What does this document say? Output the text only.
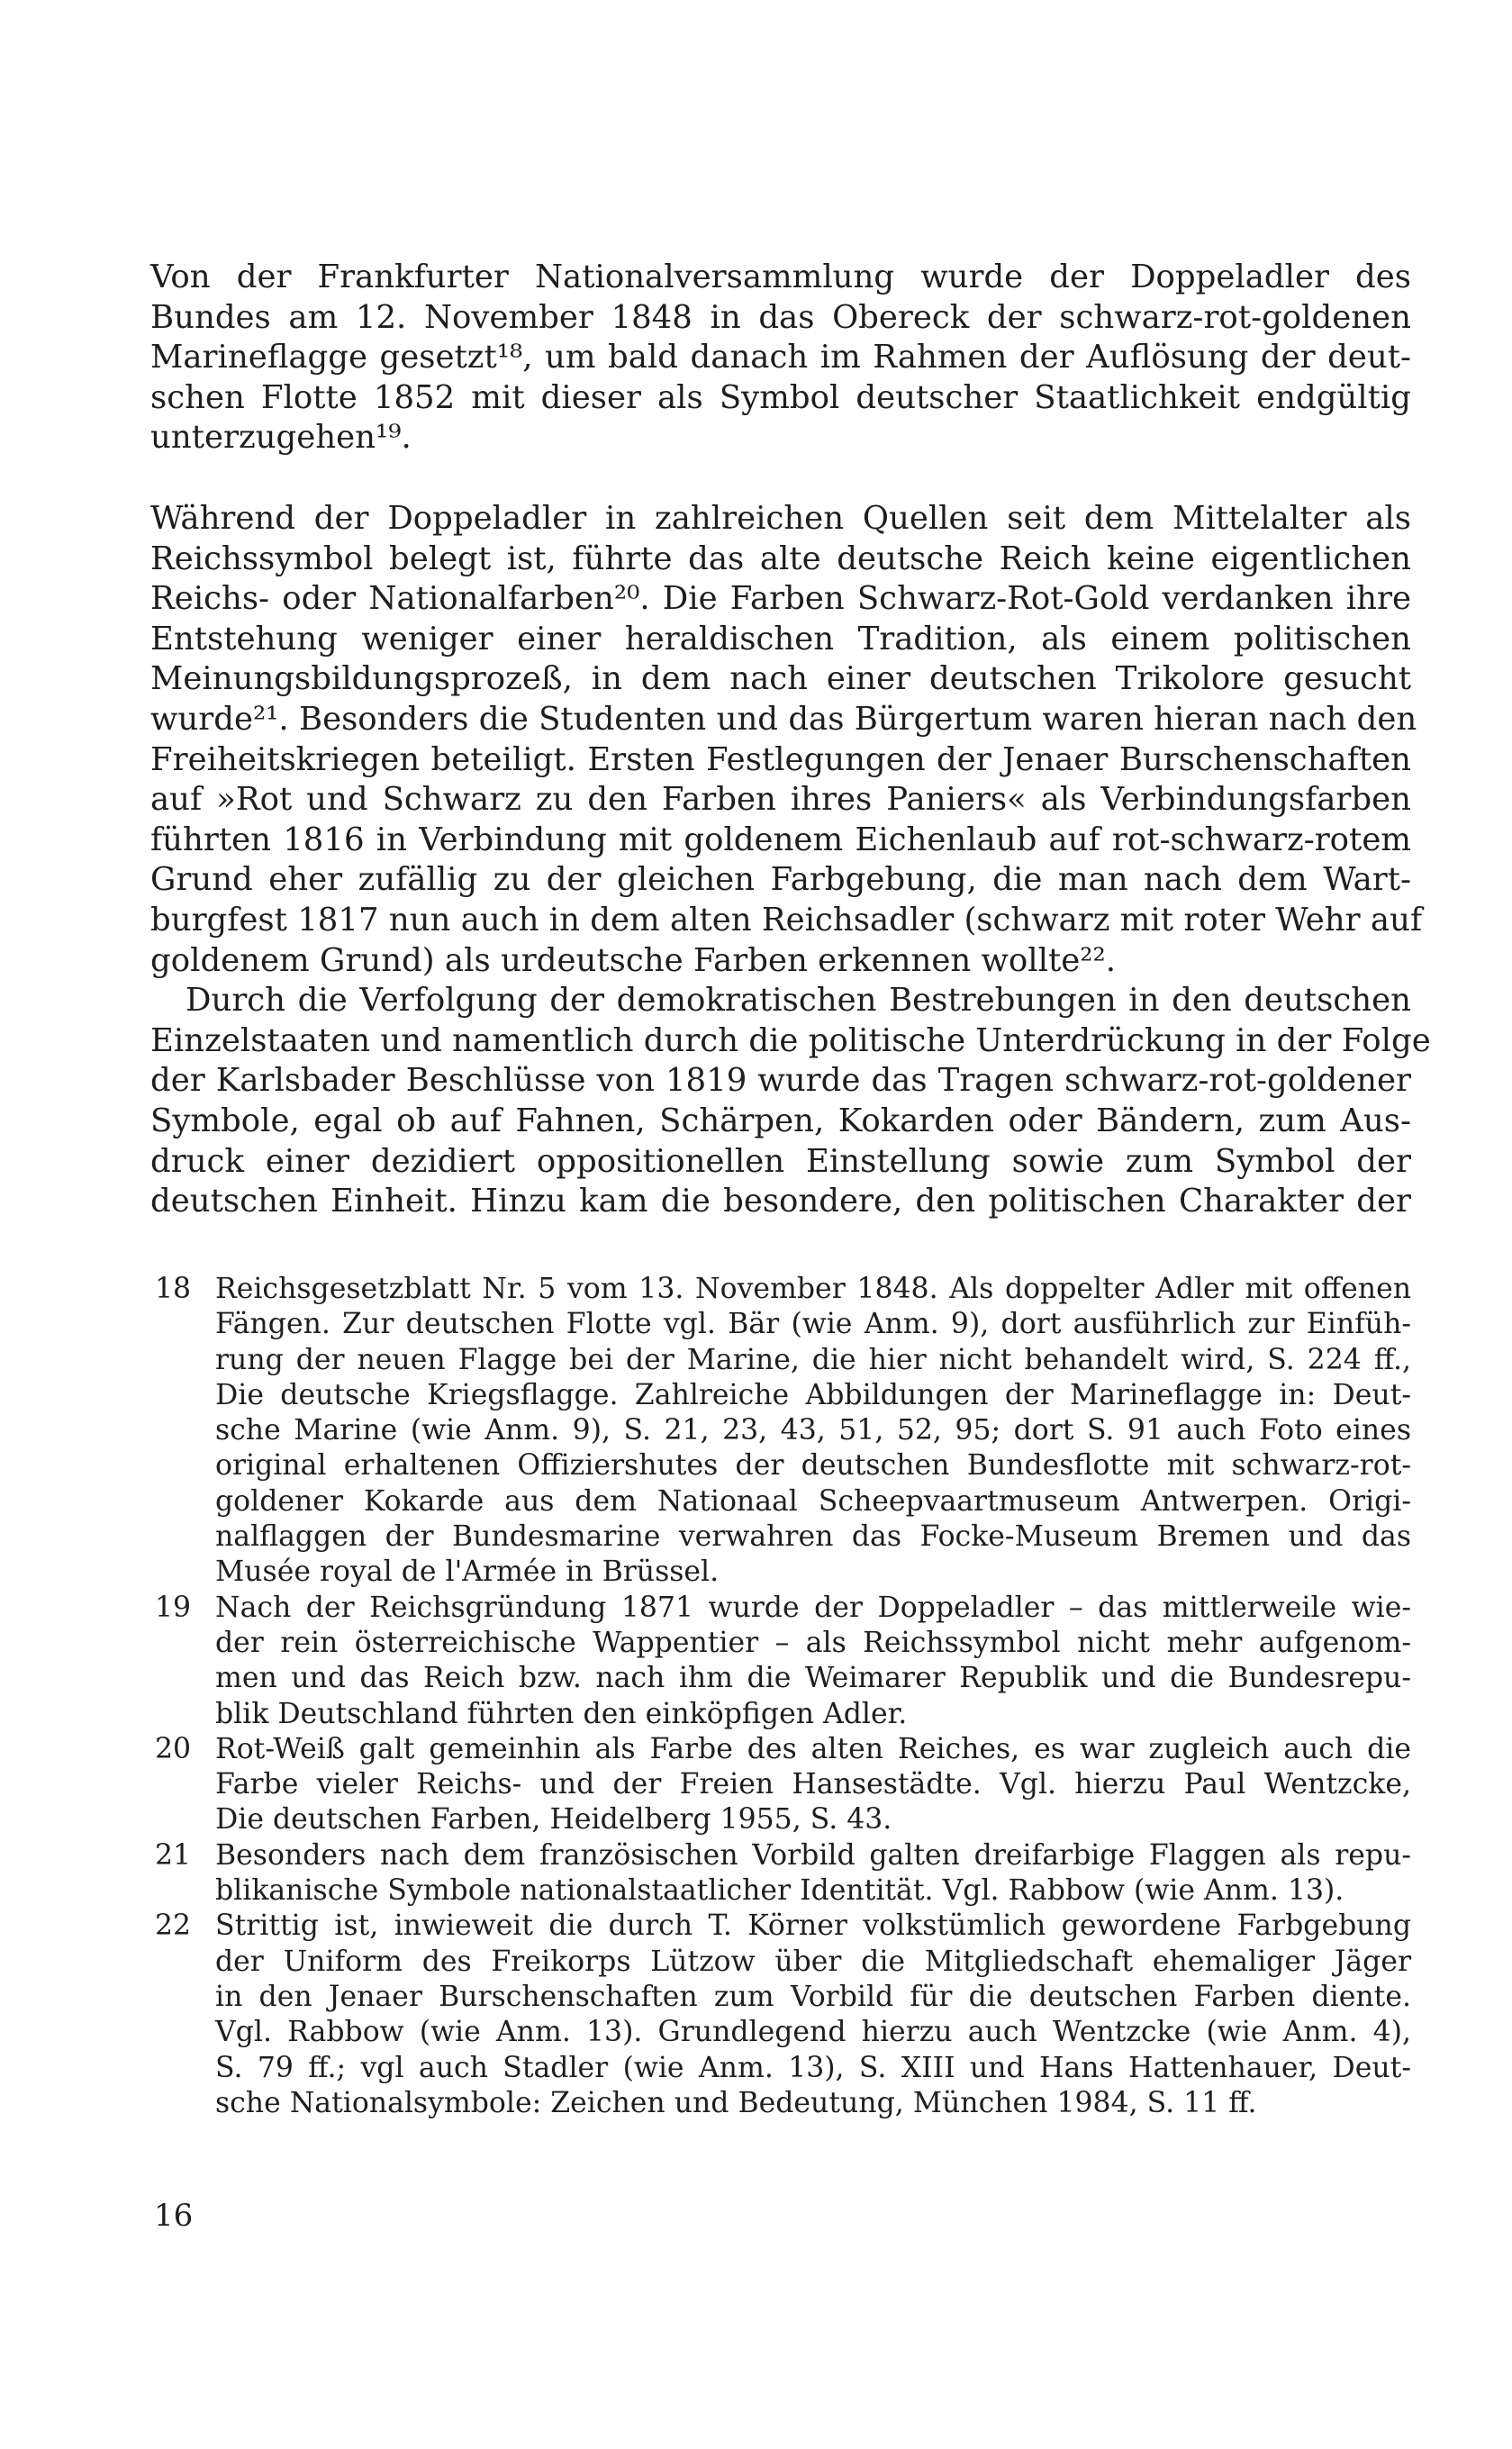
Von der Frankfurter Nationalversammlung wurde der Doppeladler des
Bundes am 12. November 1848 in das Obereck der schwarz-rot-goldenen
Marineflagge gesetzt¹⁸, um bald danach im Rahmen der Auflösung der deut-
schen Flotte 1852 mit dieser als Symbol deutscher Staatlichkeit endgültig
unterzugehen¹⁹.
Während der Doppeladler in zahlreichen Quellen seit dem Mittelalter als
Reichssymbol belegt ist, führte das alte deutsche Reich keine eigentlichen
Reichs- oder Nationalfarben²⁰. Die Farben Schwarz-Rot-Gold verdanken ihre
Entstehung weniger einer heraldischen Tradition, als einem politischen
Meinungsbildungsprozeß, in dem nach einer deutschen Trikolore gesucht
wurde²¹. Besonders die Studenten und das Bürgertum waren hieran nach den
Freiheitskriegen beteiligt. Ersten Festlegungen der Jenaer Burschenschaften
auf »Rot und Schwarz zu den Farben ihres Paniers« als Verbindungsfarben
führten 1816 in Verbindung mit goldenem Eichenlaub auf rot-schwarz-rotem
Grund eher zufällig zu der gleichen Farbgebung, die man nach dem Wart-
burgfest 1817 nun auch in dem alten Reichsadler (schwarz mit roter Wehr auf
goldenem Grund) als urdeutsche Farben erkennen wollte²².
Durch die Verfolgung der demokratischen Bestrebungen in den deutschen
Einzelstaaten und namentlich durch die politische Unterdrückung in der Folge
der Karlsbader Beschlüsse von 1819 wurde das Tragen schwarz-rot-goldener
Symbole, egal ob auf Fahnen, Schärpen, Kokarden oder Bändern, zum Aus-
druck einer dezidiert oppositionellen Einstellung sowie zum Symbol der
deutschen Einheit. Hinzu kam die besondere, den politischen Charakter der
18 Reichsgesetzblatt Nr. 5 vom 13. November 1848. Als doppelter Adler mit offenen
Fängen. Zur deutschen Flotte vgl. Bär (wie Anm. 9), dort ausführlich zur Einfüh-
rung der neuen Flagge bei der Marine, die hier nicht behandelt wird, S. 224 ff.,
Die deutsche Kriegsflagge. Zahlreiche Abbildungen der Marineflagge in: Deut-
sche Marine (wie Anm. 9), S. 21, 23, 43, 51, 52, 95; dort S. 91 auch Foto eines
original erhaltenen Offiziershutes der deutschen Bundesflotte mit schwarz-rot-
goldener Kokarde aus dem Nationaal Scheepvaartmuseum Antwerpen. Origi-
nalflaggen der Bundesmarine verwahren das Focke-Museum Bremen und das
Musée royal de l'Armée in Brüssel.
19 Nach der Reichsgründung 1871 wurde der Doppeladler – das mittlerweile wie-
der rein österreichische Wappentier – als Reichssymbol nicht mehr aufgenom-
men und das Reich bzw. nach ihm die Weimarer Republik und die Bundesrepu-
blik Deutschland führten den einköpfigen Adler.
20 Rot-Weiß galt gemeinhin als Farbe des alten Reiches, es war zugleich auch die
Farbe vieler Reichs- und der Freien Hansestädte. Vgl. hierzu Paul Wentzcke,
Die deutschen Farben, Heidelberg 1955, S. 43.
21 Besonders nach dem französischen Vorbild galten dreifarbige Flaggen als repu-
blikanische Symbole nationalstaatlicher Identität. Vgl. Rabbow (wie Anm. 13).
22 Strittig ist, inwieweit die durch T. Körner volkstümlich gewordene Farbgebung
der Uniform des Freikorps Lützow über die Mitgliedschaft ehemaliger Jäger
in den Jenaer Burschenschaften zum Vorbild für die deutschen Farben diente.
Vgl. Rabbow (wie Anm. 13). Grundlegend hierzu auch Wentzcke (wie Anm. 4),
S. 79 ff.; vgl auch Stadler (wie Anm. 13), S. XIII und Hans Hattenhauer, Deut-
sche Nationalsymbole: Zeichen und Bedeutung, München 1984, S. 11 ff.
16
